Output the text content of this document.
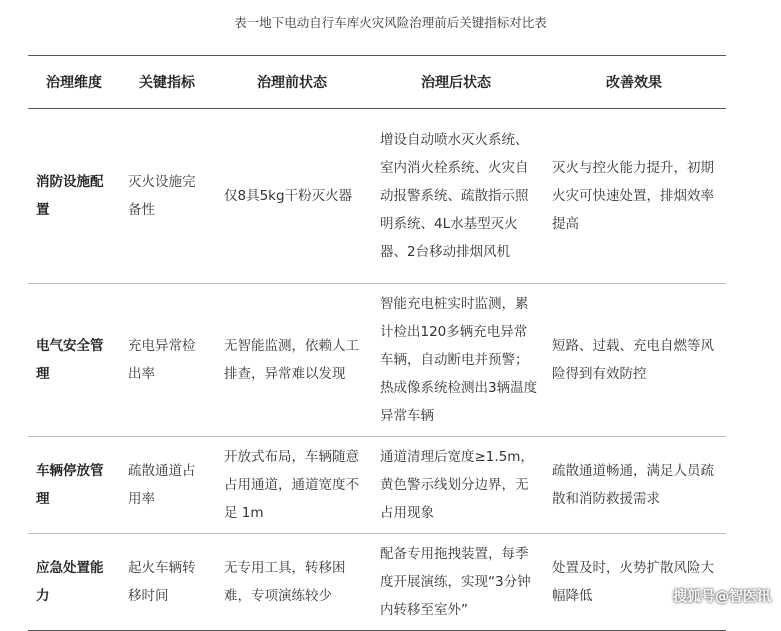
表一地下电动自行车库火灾风险治理前后关键指标对比表
治理维度	关键指标	治理前状态	治理后状态	改善效果
消防设施配置	灭火设施完备性	仅8具5kg干粉灭火器	增设自动喷水灭火系统、室内消火栓系统、火灾自动报警系统、疏散指示照明系统、4L水基型灭火器、2台移动排烟风机	灭火与控火能力提升，初期火灾可快速处置，排烟效率提高
电气安全管理	充电异常检出率	无智能监测，依赖人工排查，异常难以发现	智能充电桩实时监测，累计检出120多辆充电异常车辆，自动断电并预警；热成像系统检测出3辆温度异常车辆	短路、过载、充电自燃等风险得到有效防控
车辆停放管理	疏散通道占用率	开放式布局，车辆随意占用通道，通道宽度不足 1m	通道清理后宽度≥1.5m，黄色警示线划分边界，无占用现象	疏散通道畅通，满足人员疏散和消防救援需求
应急处置能力	起火车辆转移时间	无专用工具，转移困难，专项演练较少	配备专用拖拽装置，每季度开展演练，实现“3分钟内转移至室外”	处置及时，火势扩散风险大幅降低	搜狐号@智医讯
